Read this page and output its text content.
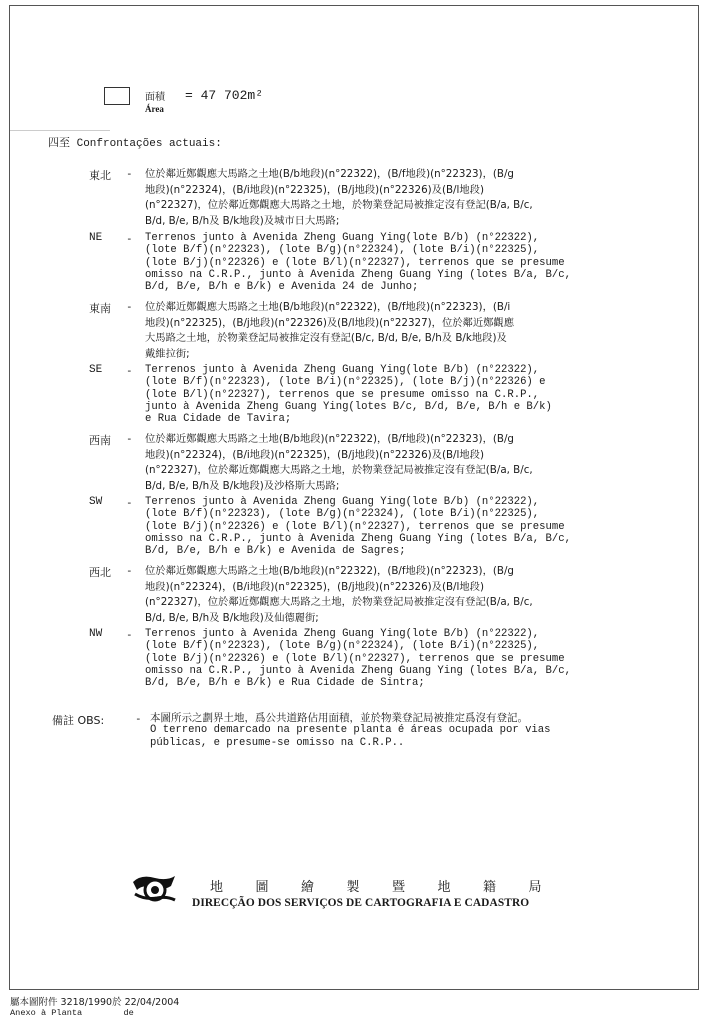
面積
Área
= 47 702m²
四至 Confrontações actuais:
東北 - 位於鄰近鄭觀應大馬路之土地(B/b地段)(n°22322)，(B/f地段)(n°22323)，(B/g
地段)(n°22324)，(B/i地段)(n°22325)，(B/j地段)(n°22326)及(B/l地段)
(n°22327)，位於鄰近鄭觀應大馬路之土地，於物業登記局被推定沒有登記(B/a, B/c,
B/d, B/e, B/h及 B/k地段)及城市日大馬路;
NE - Terrenos junto à Avenida Zheng Guang Ying(lote B/b) (n°22322),
(lote B/f)(n°22323), (lote B/g)(n°22324), (lote B/i)(n°22325),
(lote B/j)(n°22326) e (lote B/l)(n°22327), terrenos que se presume
omisso na C.R.P., junto à Avenida Zheng Guang Ying (lotes B/a, B/c,
B/d, B/e, B/h e B/k) e Avenida 24 de Junho;
東南 - 位於鄰近鄭觀應大馬路之土地(B/b地段)(n°22322)，(B/f地段)(n°22323)，(B/i
地段)(n°22325)，(B/j地段)(n°22326)及(B/l地段)(n°22327)，位於鄰近鄭觀應
大馬路之土地，於物業登記局被推定沒有登記(B/c, B/d, B/e, B/h及 B/k地段)及
戴維拉街;
SE - Terrenos junto à Avenida Zheng Guang Ying(lote B/b) (n°22322),
(lote B/f)(n°22323), (lote B/i)(n°22325), (lote B/j)(n°22326) e
(lote B/l)(n°22327), terrenos que se presume omisso na C.R.P.,
junto à Avenida Zheng Guang Ying(lotes B/c, B/d, B/e, B/h e B/k)
e Rua Cidade de Tavira;
西南 - 位於鄰近鄭觀應大馬路之土地(B/b地段)(n°22322)，(B/f地段)(n°22323)，(B/g
地段)(n°22324)，(B/i地段)(n°22325)，(B/j地段)(n°22326)及(B/l地段)
(n°22327)，位於鄰近鄭觀應大馬路之土地，於物業登記局被推定沒有登記(B/a, B/c,
B/d, B/e, B/h及 B/k地段)及沙格斯大馬路;
SW - Terrenos junto à Avenida Zheng Guang Ying(lote B/b) (n°22322),
(lote B/f)(n°22323), (lote B/g)(n°22324), (lote B/i)(n°22325),
(lote B/j)(n°22326) e (lote B/l)(n°22327), terrenos que se presume
omisso na C.R.P., junto à Avenida Zheng Guang Ying (lotes B/a, B/c,
B/d, B/e, B/h e B/k) e Avenida de Sagres;
西北 - 位於鄰近鄭觀應大馬路之土地(B/b地段)(n°22322)，(B/f地段)(n°22323)，(B/g
地段)(n°22324)，(B/i地段)(n°22325)，(B/j地段)(n°22326)及(B/l地段)
(n°22327)，位於鄰近鄭觀應大馬路之土地，於物業登記局被推定沒有登記(B/a, B/c,
B/d, B/e, B/h及 B/k地段)及仙德麗街;
NW - Terrenos junto à Avenida Zheng Guang Ying(lote B/b) (n°22322),
(lote B/f)(n°22323), (lote B/g)(n°22324), (lote B/i)(n°22325),
(lote B/j)(n°22326) e (lote B/l)(n°22327), terrenos que se presume
omisso na C.R.P., junto à Avenida Zheng Guang Ying (lotes B/a, B/c,
B/d, B/e, B/h e B/k) e Rua Cidade de Sintra;
備註 OBS:	- 本圖所示之劃界土地，爲公共道路佔用面積，並於物業登記局被推定爲沒有登記。
O terreno demarcado na presente planta é áreas ocupada por vias
públicas, e presume-se omisso na C.R.P..
地 圖 繪 製 暨 地 籍 局
DIRECÇÃO DOS SERVIÇOS DE CARTOGRAFIA E CADASTRO
屬本圖附件 3218/1990於 22/04/2004
Anexo à Planta        de
